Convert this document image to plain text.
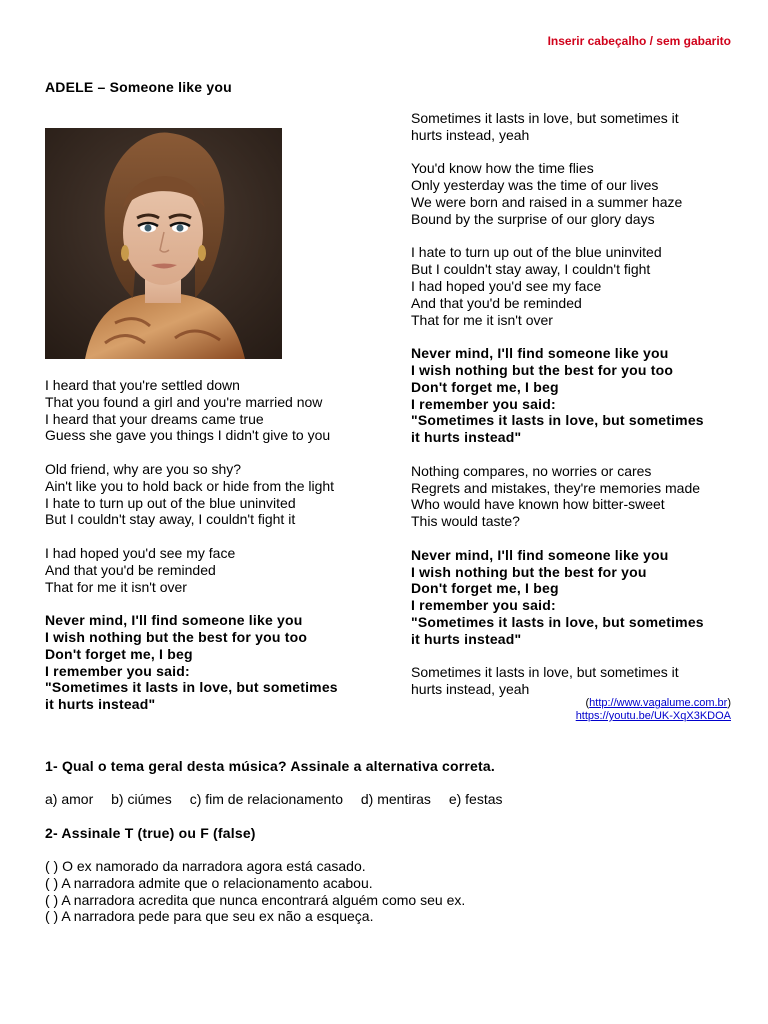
Inserir cabeçalho / sem gabarito
ADELE – Someone like you
I heard that you're settled down
That you found a girl and you're married now
I heard that your dreams came true
Guess she gave you things I didn't give to you
Old friend, why are you so shy?
Ain't like you to hold back or hide from the light
I hate to turn up out of the blue uninvited
But I couldn't stay away, I couldn't fight it
I had hoped you'd see my face
And that you'd be reminded
That for me it isn't over
Never mind, I'll find someone like you
I wish nothing but the best for you too
Don't forget me, I beg
I remember you said:
"Sometimes it lasts in love, but sometimes
it hurts instead"
Sometimes it lasts in love, but sometimes it
hurts instead, yeah
You'd know how the time flies
Only yesterday was the time of our lives
We were born and raised in a summer haze
Bound by the surprise of our glory days
I hate to turn up out of the blue uninvited
But I couldn't stay away, I couldn't fight
I had hoped you'd see my face
And that you'd be reminded
That for me it isn't over
Never mind, I'll find someone like you
I wish nothing but the best for you too
Don't forget me, I beg
I remember you said:
"Sometimes it lasts in love, but sometimes
it hurts instead"
Nothing compares, no worries or cares
Regrets and mistakes, they're memories made
Who would have known how bitter-sweet
This would taste?
Never mind, I'll find someone like you
I wish nothing but the best for you
Don't forget me, I beg
I remember you said:
"Sometimes it lasts in love, but sometimes
it hurts instead"
Sometimes it lasts in love, but sometimes it
hurts instead, yeah
(http://www.vagalume.com.br)
https://youtu.be/UK-XqX3KDOA
1- Qual o tema geral desta música? Assinale a alternativa correta.
a) amor b) ciúmes c) fim de relacionamento d) mentiras e) festas
2- Assinale T (true) ou F (false)
( ) O ex namorado da narradora agora está casado.
( ) A narradora admite que o relacionamento acabou.
( ) A narradora acredita que nunca encontrará alguém como seu ex.
( ) A narradora pede para que seu ex não a esqueça.
